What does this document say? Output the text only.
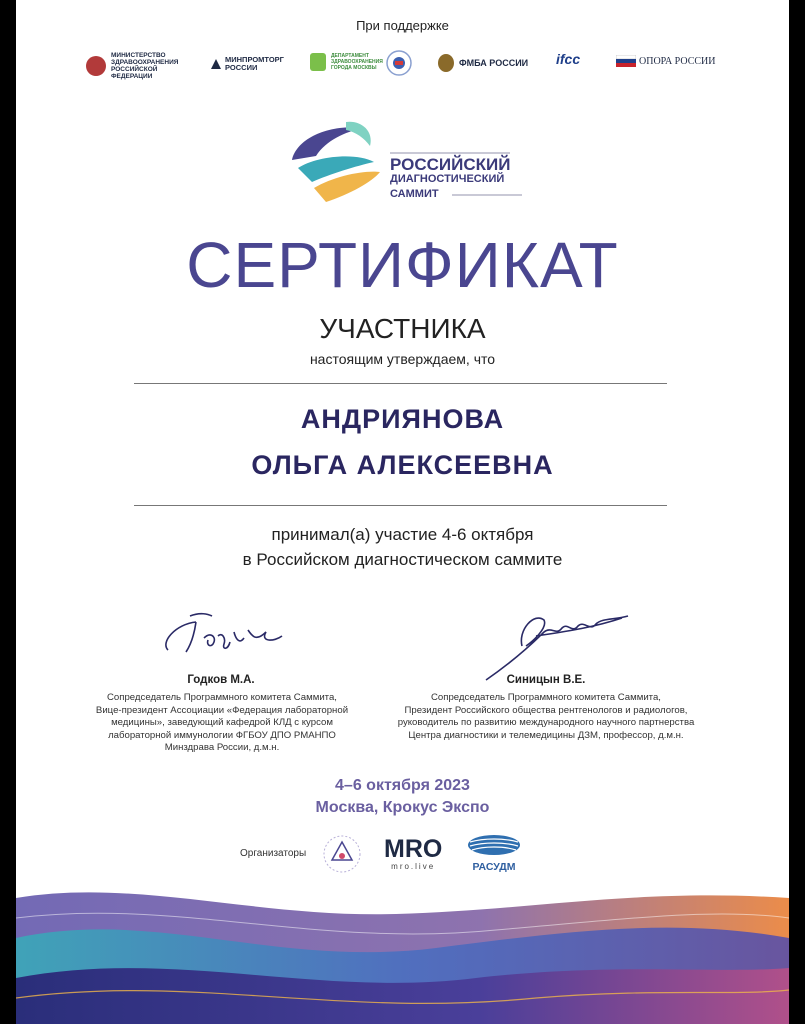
При поддержке
МИНИСТЕРСТВО ЗДРАВООХРАНЕНИЯ РОССИЙСКОЙ ФЕДЕРАЦИИ
МИНПРОМТОРГ РОССИИ
ДЕПАРТАМЕНТ ЗДРАВООХРАНЕНИЯ ГОРОДА МОСКВЫ	ФМБА РОССИИ ifcc	ОПОРА РОССИИ
РОССИЙСКИЙ
ДИАГНОСТИЧЕСКИЙ
САММИТ
СЕРТИФИКАТ
УЧАСТНИКА
настоящим утверждаем, что
АНДРИЯНОВА
ОЛЬГА АЛЕКСЕЕВНА
принимал(а) участие 4-6 октября
в Российском диагностическом саммите
Годков М.А.
Сопредседатель Программного комитета Саммита,
Вице-президент Ассоциации «Федерация лабораторной
медицины», заведующий кафедрой КЛД с курсом
лабораторной иммунологии ФГБОУ ДПО РМАНПО
Минздрава России, д.м.н.
Синицын В.Е.
Сопредседатель Программного комитета Саммита,
Президент Российского общества рентгенологов и радиологов,
руководитель по развитию международного научного партнерства
Центра диагностики и телемедицины ДЗМ, профессор, д.м.н.
4–6 октября 2023
Москва, Крокус Экспо
Организаторы	MRO
mro.live	РАСУДМ
